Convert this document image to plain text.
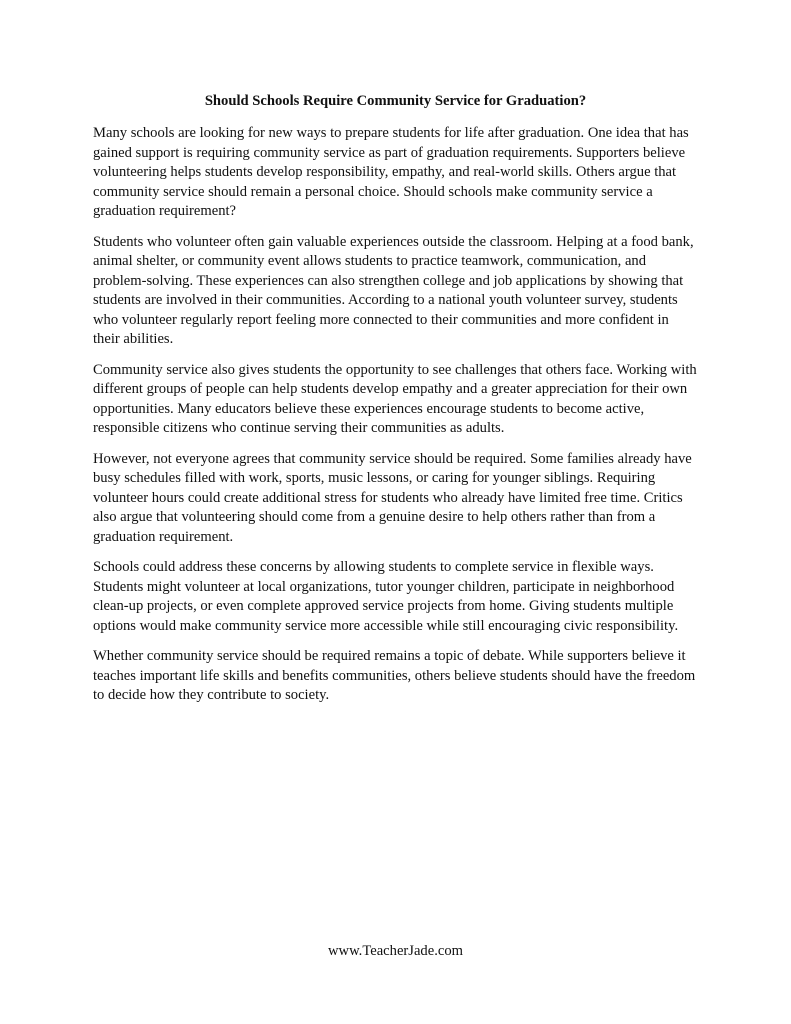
Should Schools Require Community Service for Graduation?

Many schools are looking for new ways to prepare students for life after graduation. One idea that has gained support is requiring community service as part of graduation requirements. Supporters believe volunteering helps students develop responsibility, empathy, and real-world skills. Others argue that community service should remain a personal choice. Should schools make community service a graduation requirement?

Students who volunteer often gain valuable experiences outside the classroom. Helping at a food bank, animal shelter, or community event allows students to practice teamwork, communication, and problem-solving. These experiences can also strengthen college and job applications by showing that students are involved in their communities. According to a national youth volunteer survey, students who volunteer regularly report feeling more connected to their communities and more confident in their abilities.

Community service also gives students the opportunity to see challenges that others face. Working with different groups of people can help students develop empathy and a greater appreciation for their own opportunities. Many educators believe these experiences encourage students to become active, responsible citizens who continue serving their communities as adults.

However, not everyone agrees that community service should be required. Some families already have busy schedules filled with work, sports, music lessons, or caring for younger siblings. Requiring volunteer hours could create additional stress for students who already have limited free time. Critics also argue that volunteering should come from a genuine desire to help others rather than from a graduation requirement.

Schools could address these concerns by allowing students to complete service in flexible ways. Students might volunteer at local organizations, tutor younger children, participate in neighborhood clean-up projects, or even complete approved service projects from home. Giving students multiple options would make community service more accessible while still encouraging civic responsibility.

Whether community service should be required remains a topic of debate. While supporters believe it teaches important life skills and benefits communities, others believe students should have the freedom to decide how they contribute to society.

www.TeacherJade.com
